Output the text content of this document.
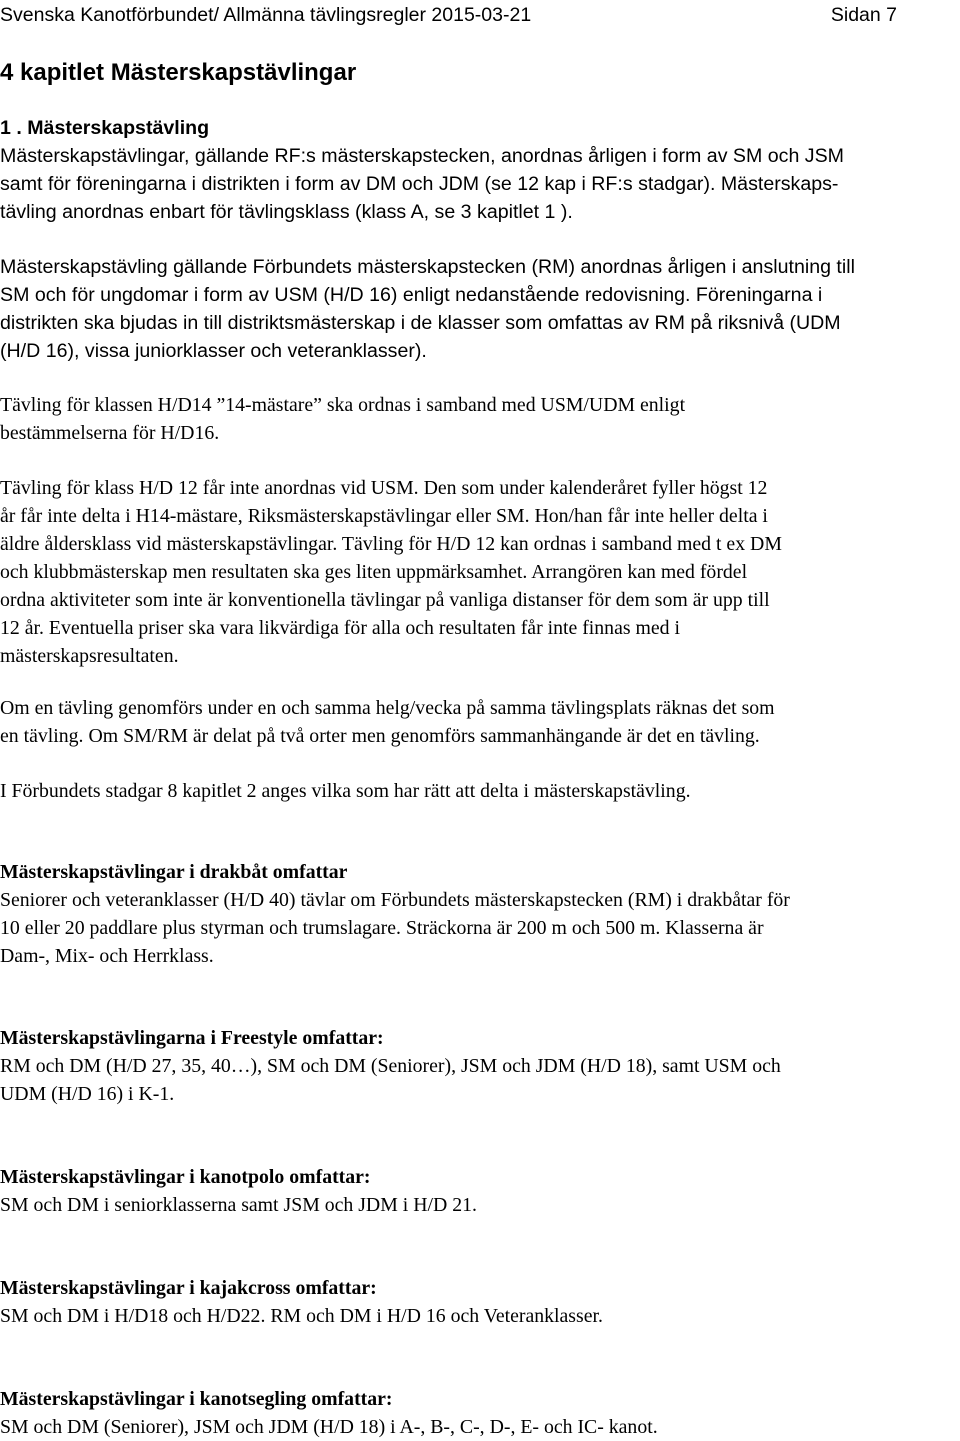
Svenska Kanotförbundet/ Allmänna tävlingsregler 2015-03-21	Sidan 7
4 kapitlet Mästerskapstävlingar
1 . Mästerskapstävling
Mästerskapstävlingar, gällande RF:s mästerskapstecken, anordnas årligen i form av SM och JSM
samt för föreningarna i distrikten i form av DM och JDM (se 12 kap i RF:s stadgar). Mästerskaps-
tävling anordnas enbart för tävlingsklass (klass A, se 3 kapitlet 1 ).
Mästerskapstävling gällande Förbundets mästerskapstecken (RM) anordnas årligen i anslutning till
SM och för ungdomar i form av USM (H/D 16) enligt nedanstående redovisning. Föreningarna i
distrikten ska bjudas in till distriktsmästerskap i de klasser som omfattas av RM på riksnivå (UDM
(H/D 16), vissa juniorklasser och veteranklasser).
Tävling för klassen H/D14 ”14-mästare” ska ordnas i samband med USM/UDM enligt
bestämmelserna för H/D16.
Tävling för klass H/D 12 får inte anordnas vid USM. Den som under kalenderåret fyller högst 12
år får inte delta i H14-mästare, Riksmästerskapstävlingar eller SM. Hon/han får inte heller delta i
äldre åldersklass vid mästerskapstävlingar. Tävling för H/D 12 kan ordnas i samband med t ex DM
och klubbmästerskap men resultaten ska ges liten uppmärksamhet. Arrangören kan med fördel
ordna aktiviteter som inte är konventionella tävlingar på vanliga distanser för dem som är upp till
12 år. Eventuella priser ska vara likvärdiga för alla och resultaten får inte finnas med i
mästerskapsresultaten.
Om en tävling genomförs under en och samma helg/vecka på samma tävlingsplats räknas det som
en tävling. Om SM/RM är delat på två orter men genomförs sammanhängande är det en tävling.
I Förbundets stadgar 8 kapitlet 2 anges vilka som har rätt att delta i mästerskapstävling.
Mästerskapstävlingar i drakbåt omfattar
Seniorer och veteranklasser (H/D 40) tävlar om Förbundets mästerskapstecken (RM) i drakbåtar för
10 eller 20 paddlare plus styrman och trumslagare. Sträckorna är 200 m och 500 m. Klasserna är
Dam-, Mix- och Herrklass.
Mästerskapstävlingarna i Freestyle omfattar:
RM och DM (H/D 27, 35, 40…), SM och DM (Seniorer), JSM och JDM (H/D 18), samt USM och
UDM (H/D 16) i K-1.
Mästerskapstävlingar i kanotpolo omfattar:
SM och DM i seniorklasserna samt JSM och JDM i H/D 21.
Mästerskapstävlingar i kajakcross omfattar:
SM och DM i H/D18 och H/D22. RM och DM i H/D 16 och Veteranklasser.
Mästerskapstävlingar i kanotsegling omfattar:
SM och DM (Seniorer), JSM och JDM (H/D 18) i A-, B-, C-, D-, E- och IC- kanot.
